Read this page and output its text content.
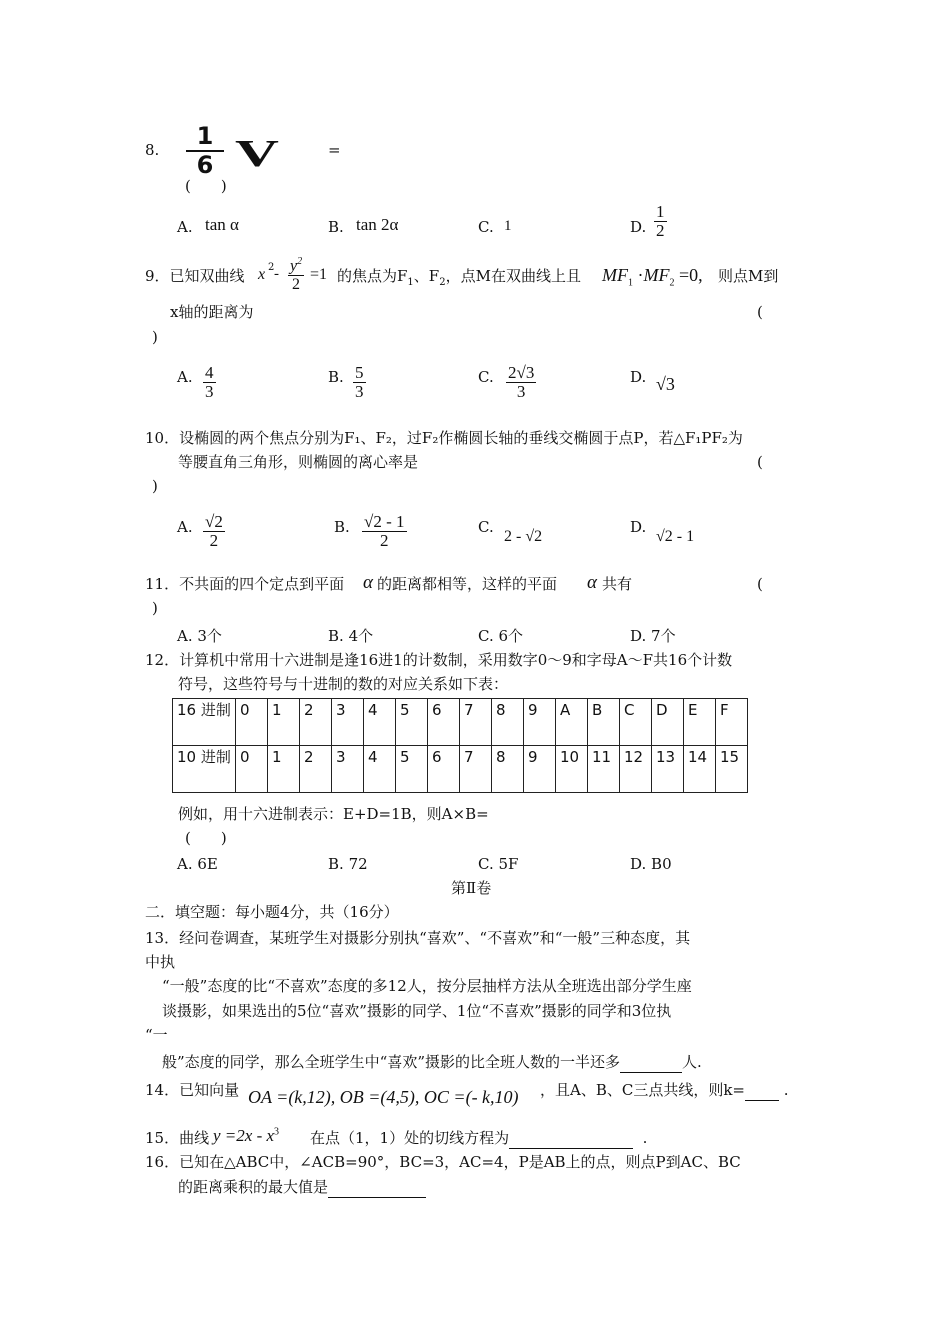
8.	1
6 V	=
(　　)
A. tan α	B. tan 2α	C. 1	D. $\frac{1}{2}$
9．已知双曲线 x $2 - \frac{y^2}{2} =1$ 的焦点为$F_1$、$F_2$，点M在双曲线上且 $MF_1 \cdot MF_2 =0$, 则点M到
x轴的距离为	(
)
A. $\frac{4}{3}$	B. $\frac{5}{3}$	C. $\frac{2√3}{3}$	D. √3
10．设椭圆的两个焦点分别为F₁、F₂，过F₂作椭圆长轴的垂线交椭圆于点P，若△F₁PF₂为
等腰直角三角形，则椭圆的离心率是	(
)
A. $\frac{√2}{2}$	B. $\frac{√2 - 1}{2}$	C.
2 - √2
D.
√2 - 1
11．不共面的四个定点到平面 α 的距离都相等，这样的平面 α 共有	(
)
A. 3个	B. 4个	C. 6个	D. 7个
12．计算机中常用十六进制是逢16进1的计数制，采用数字0～9和字母A～F共16个计数
符号，这些符号与十进制的数的对应关系如下表：
16 进制	0	1	2	3	4	5	6	7	8	9	A	B	C	D	E	F
10 进制	0	1	2	3	4	5	6	7	8	9	10	11	12	13	14	15
例如，用十六进制表示：E+D=1B，则A×B=
(　　)
A. 6E	B. 72	C. 5F	D. B0
第Ⅱ卷
二．填空题：每小题4分，共（16分）
13．经问卷调查，某班学生对摄影分别执“喜欢”、“不喜欢”和“一般”三种态度，其
中执
“一般”态度的比“不喜欢”态度的多12人，按分层抽样方法从全班选出部分学生座
谈摄影，如果选出的5位“喜欢”摄影的同学、1位“不喜欢”摄影的同学和3位执
“一
般”态度的同学，那么全班学生中“喜欢”摄影的比全班人数的一半还多	人.
14．已知向量 OA =(k,12), OB =(4,5), OC =(- k,10) ，且A、B、C三点共线，则k=	.
15．曲线 $y =2x - x^3$ 在点（1，1）处的切线方程为	.
16．已知在△ABC中，∠ACB=90°，BC=3，AC=4，P是AB上的点，则点P到AC、BC
的距离乘积的最大值是
